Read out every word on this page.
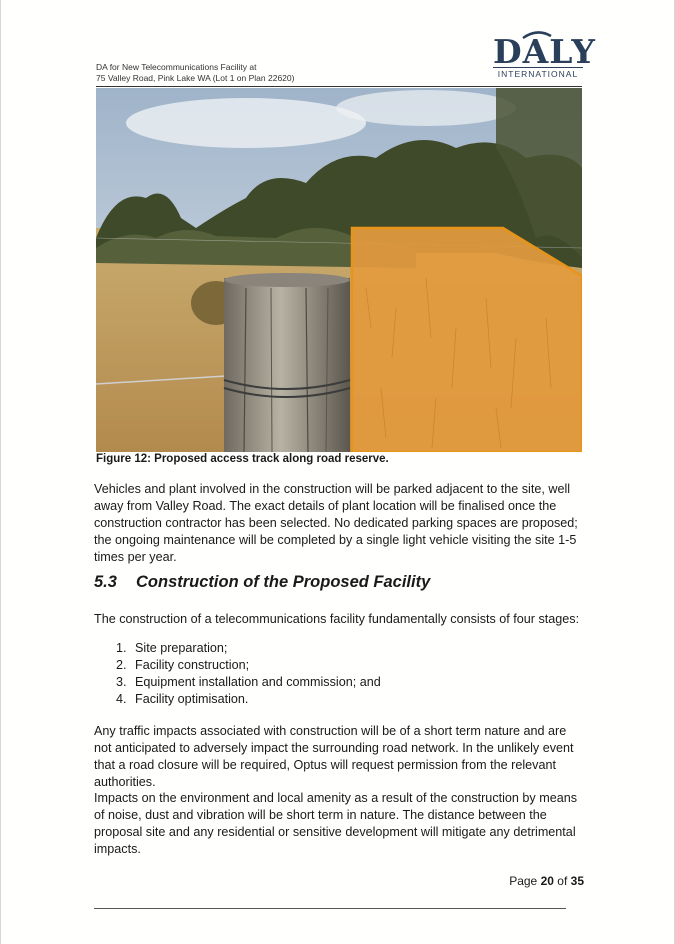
DA for New Telecommunications Facility at
75 Valley Road, Pink Lake WA (Lot 1 on Plan 22620)
DALY
INTERNATIONAL
Figure 12: Proposed access track along road reserve.
Vehicles and plant involved in the construction will be parked adjacent to the site, well away from Valley Road. The exact details of plant location will be finalised once the construction contractor has been selected. No dedicated parking spaces are proposed; the ongoing maintenance will be completed by a single light vehicle visiting the site 1-5 times per year.
5.3 Construction of the Proposed Facility
The construction of a telecommunications facility fundamentally consists of four stages:
1. Site preparation;
2. Facility construction;
3. Equipment installation and commission; and
4. Facility optimisation.
Any traffic impacts associated with construction will be of a short term nature and are not anticipated to adversely impact the surrounding road network. In the unlikely event that a road closure will be required, Optus will request permission from the relevant authorities.
Impacts on the environment and local amenity as a result of the construction by means of noise, dust and vibration will be short term in nature. The distance between the proposal site and any residential or sensitive development will mitigate any detrimental impacts.
Page 20 of 35
